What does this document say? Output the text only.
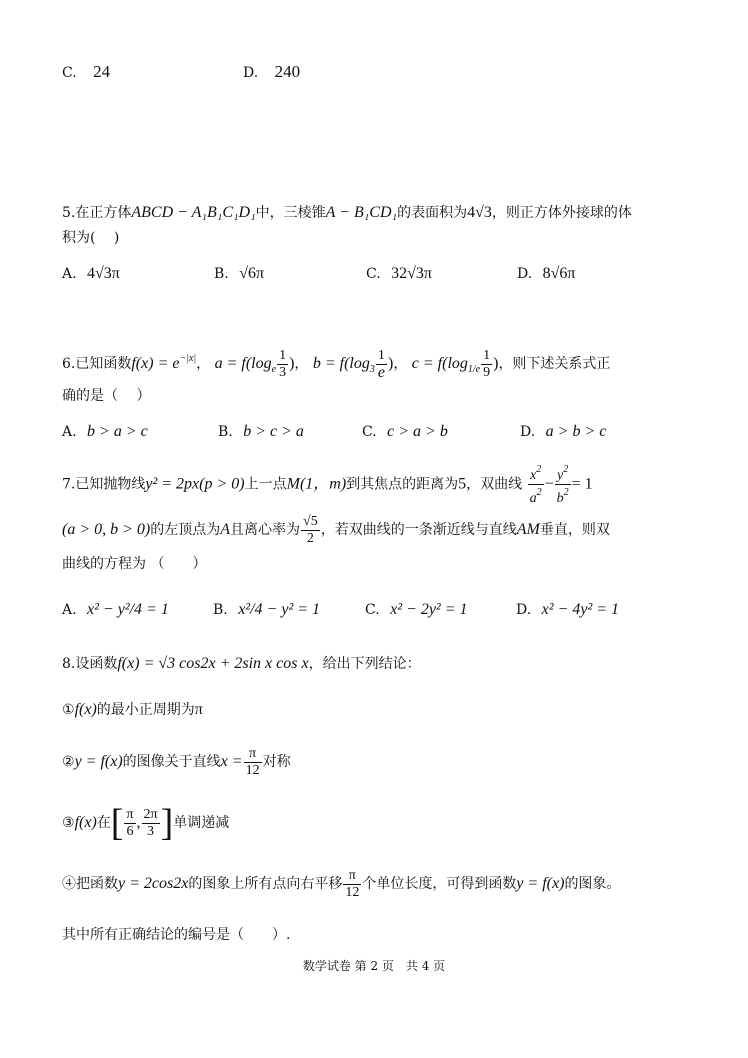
C. 24	D. 240
5.在正方体ABCD − A₁B₁C₁D₁中，三棱锥A − B₁CD₁的表面积为4√3，则正方体外接球的体
积为(　 )
A. 4√3π	B. √6π	C. 32√3π	D. 8√6π
6.已知函数$f(x) = e^{-|x|}$， $a = f(\log_e \frac{1}{3}$ )， $b = f(\log_3 \frac{1}{e}$ )， $c = f(\log_{1/e} \frac{1}{9}$ )，则下述关系式正
确的是（　 ）
A. b > a > c	B. b > c > a	C. c > a > b	D. a > b > c
7.已知抛物线y² = 2px(p > 0)上一点M(1，m)到其焦点的距离为5，双曲线 $\frac{x^2}{a^2} - \frac{y^2}{b^2} = 1$
(a > 0, b > 0)的左顶点为A且离心率为 $\frac{√5}{2}$ ，若双曲线的一条渐近线与直线AM垂直，则双
曲线的方程为 （　　）
A. x² − y²/4 = 1	B. x²/4 − y² = 1	C. x² − 2y² = 1	D. x² − 4y² = 1
8.设函数f(x) = √3 cos2x + 2sin x cos x，给出下列结论：
①f(x)的最小正周期为π
②y = f(x)的图像关于直线$x = \frac{\pi}{12}$ 对称
③f(x)在[ $\frac{\pi}{6}$ , $\frac{2\pi}{3}$ ]单调递减
④把函数y = 2cos2x的图象上所有点向右平移 $\frac{\pi}{12}$ 个单位长度，可得到函数y = f(x)的图象。
其中所有正确结论的编号是（　　）.
数学试卷 第 2 页　共 4 页
